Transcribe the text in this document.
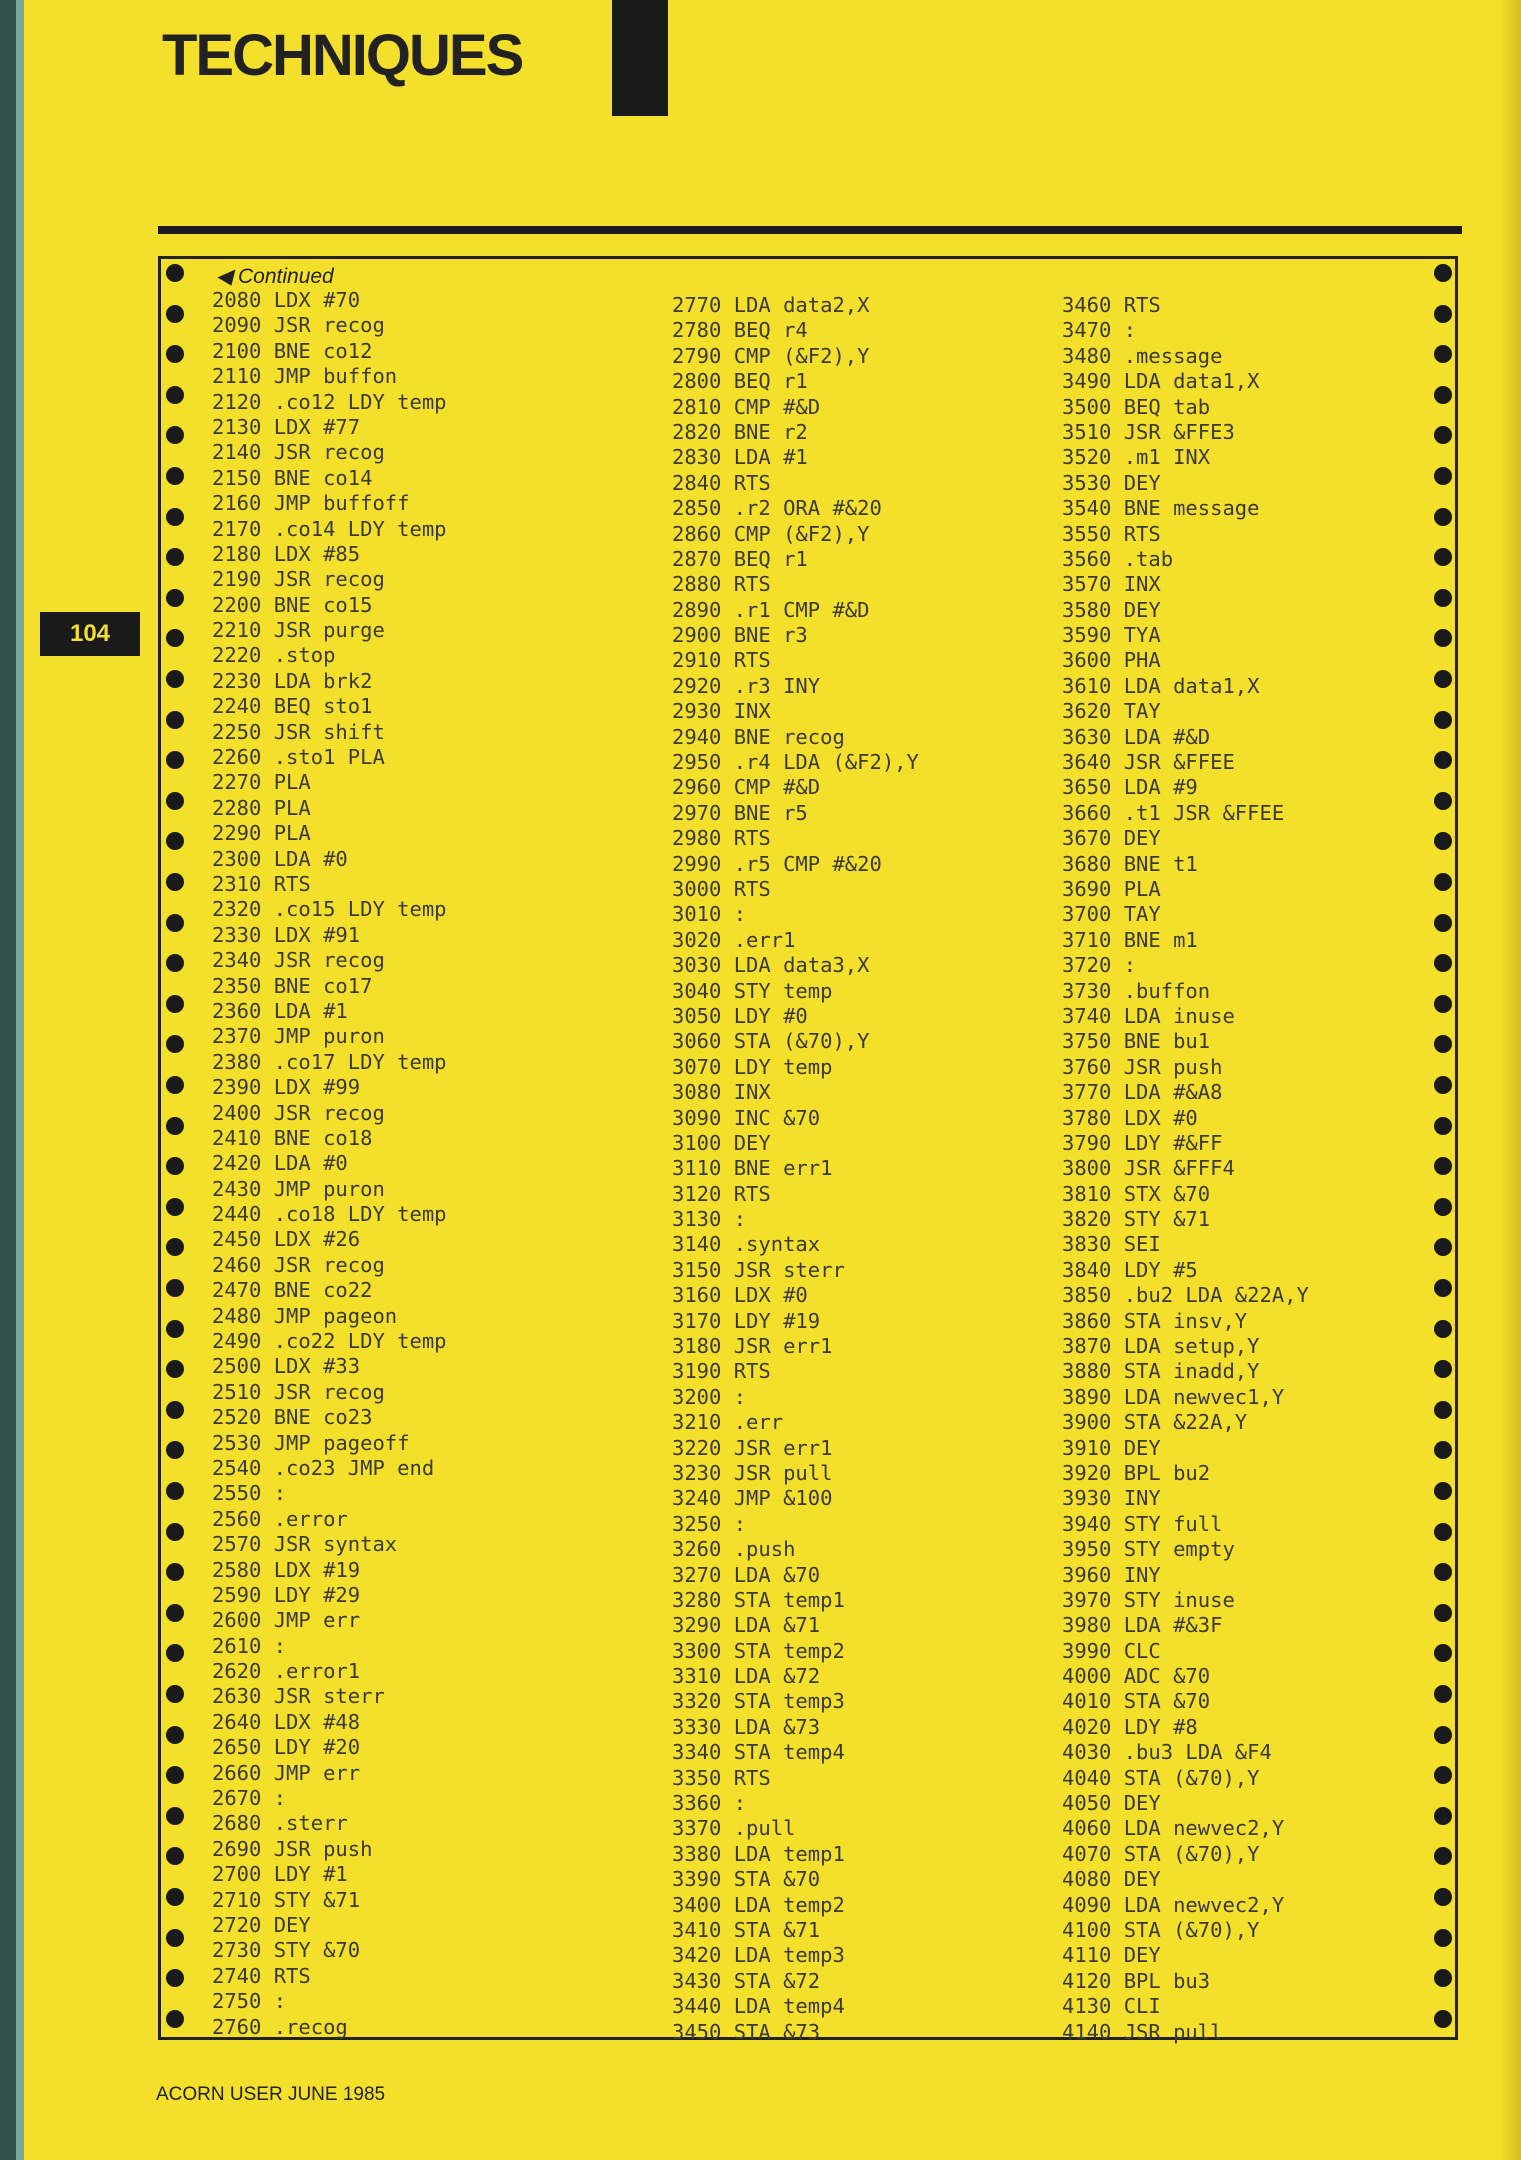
TECHNIQUES
104
◀ Continued
2080 LDX #70
2090 JSR recog
2100 BNE co12
2110 JMP buffon
2120 .co12 LDY temp
2130 LDX #77
2140 JSR recog
2150 BNE co14
2160 JMP buffoff
2170 .co14 LDY temp
2180 LDX #85
2190 JSR recog
2200 BNE co15
2210 JSR purge
2220 .stop
2230 LDA brk2
2240 BEQ sto1
2250 JSR shift
2260 .sto1 PLA
2270 PLA
2280 PLA
2290 PLA
2300 LDA #0
2310 RTS
2320 .co15 LDY temp
2330 LDX #91
2340 JSR recog
2350 BNE co17
2360 LDA #1
2370 JMP puron
2380 .co17 LDY temp
2390 LDX #99
2400 JSR recog
2410 BNE co18
2420 LDA #0
2430 JMP puron
2440 .co18 LDY temp
2450 LDX #26
2460 JSR recog
2470 BNE co22
2480 JMP pageon
2490 .co22 LDY temp
2500 LDX #33
2510 JSR recog
2520 BNE co23
2530 JMP pageoff
2540 .co23 JMP end
2550 :
2560 .error
2570 JSR syntax
2580 LDX #19
2590 LDY #29
2600 JMP err
2610 :
2620 .error1
2630 JSR sterr
2640 LDX #48
2650 LDY #20
2660 JMP err
2670 :
2680 .sterr
2690 JSR push
2700 LDY #1
2710 STY &71
2720 DEY
2730 STY &70
2740 RTS
2750 :
2760 .recog
2770 LDA data2,X
2780 BEQ r4
2790 CMP (&F2),Y
2800 BEQ r1
2810 CMP #&D
2820 BNE r2
2830 LDA #1
2840 RTS
2850 .r2 ORA #&20
2860 CMP (&F2),Y
2870 BEQ r1
2880 RTS
2890 .r1 CMP #&D
2900 BNE r3
2910 RTS
2920 .r3 INY
2930 INX
2940 BNE recog
2950 .r4 LDA (&F2),Y
2960 CMP #&D
2970 BNE r5
2980 RTS
2990 .r5 CMP #&20
3000 RTS
3010 :
3020 .err1
3030 LDA data3,X
3040 STY temp
3050 LDY #0
3060 STA (&70),Y
3070 LDY temp
3080 INX
3090 INC &70
3100 DEY
3110 BNE err1
3120 RTS
3130 :
3140 .syntax
3150 JSR sterr
3160 LDX #0
3170 LDY #19
3180 JSR err1
3190 RTS
3200 :
3210 .err
3220 JSR err1
3230 JSR pull
3240 JMP &100
3250 :
3260 .push
3270 LDA &70
3280 STA temp1
3290 LDA &71
3300 STA temp2
3310 LDA &72
3320 STA temp3
3330 LDA &73
3340 STA temp4
3350 RTS
3360 :
3370 .pull
3380 LDA temp1
3390 STA &70
3400 LDA temp2
3410 STA &71
3420 LDA temp3
3430 STA &72
3440 LDA temp4
3450 STA &73
3460 RTS
3470 :
3480 .message
3490 LDA data1,X
3500 BEQ tab
3510 JSR &FFE3
3520 .m1 INX
3530 DEY
3540 BNE message
3550 RTS
3560 .tab
3570 INX
3580 DEY
3590 TYA
3600 PHA
3610 LDA data1,X
3620 TAY
3630 LDA #&D
3640 JSR &FFEE
3650 LDA #9
3660 .t1 JSR &FFEE
3670 DEY
3680 BNE t1
3690 PLA
3700 TAY
3710 BNE m1
3720 :
3730 .buffon
3740 LDA inuse
3750 BNE bu1
3760 JSR push
3770 LDA #&A8
3780 LDX #0
3790 LDY #&FF
3800 JSR &FFF4
3810 STX &70
3820 STY &71
3830 SEI
3840 LDY #5
3850 .bu2 LDA &22A,Y
3860 STA insv,Y
3870 LDA setup,Y
3880 STA inadd,Y
3890 LDA newvec1,Y
3900 STA &22A,Y
3910 DEY
3920 BPL bu2
3930 INY
3940 STY full
3950 STY empty
3960 INY
3970 STY inuse
3980 LDA #&3F
3990 CLC
4000 ADC &70
4010 STA &70
4020 LDY #8
4030 .bu3 LDA &F4
4040 STA (&70),Y
4050 DEY
4060 LDA newvec2,Y
4070 STA (&70),Y
4080 DEY
4090 LDA newvec2,Y
4100 STA (&70),Y
4110 DEY
4120 BPL bu3
4130 CLI
4140 JSR pull
ACORN USER JUNE 1985
